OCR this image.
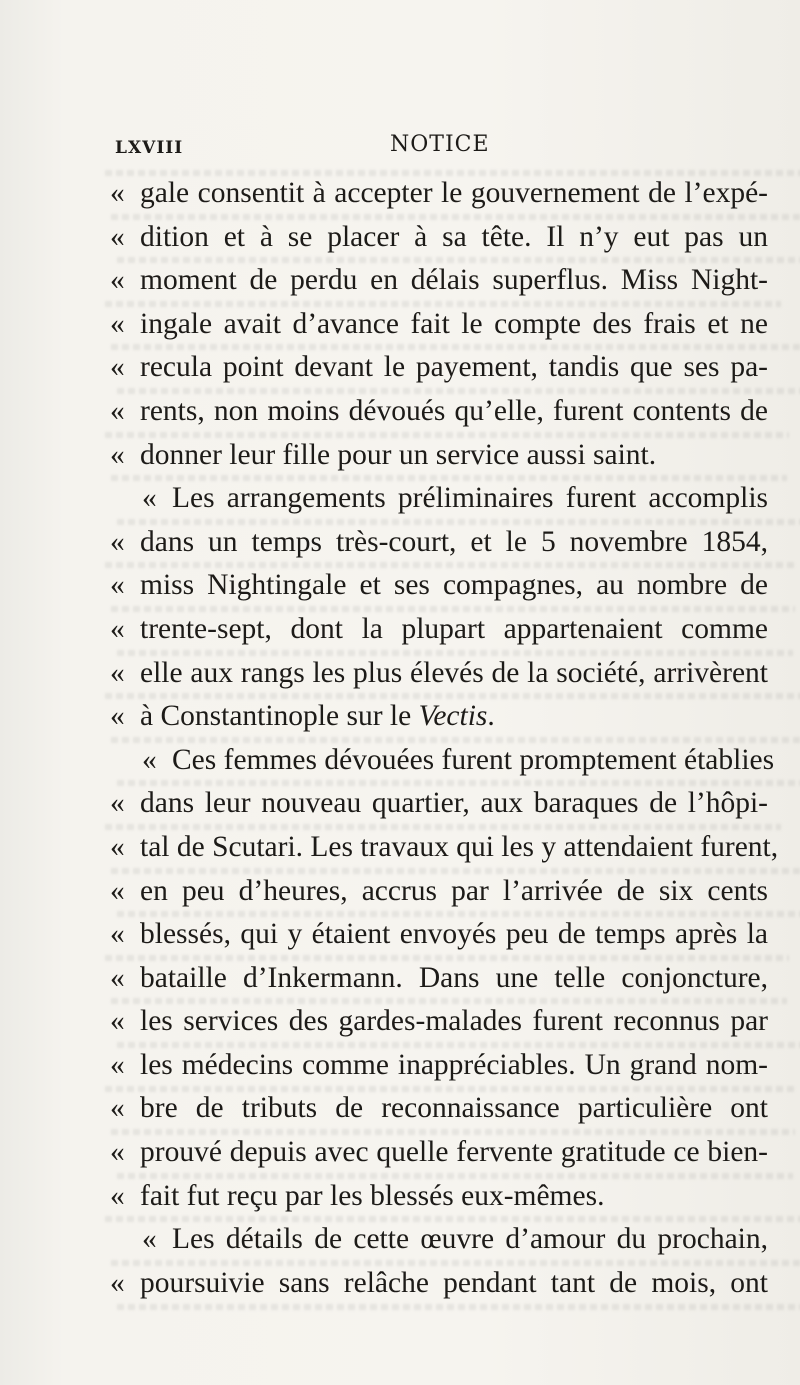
LXVIII	NOTICE
« gale consentit à accepter le gouvernement de l’expé-
« dition et à se placer à sa tête. Il n’y eut pas un
« moment de perdu en délais superflus. Miss Night-
« ingale avait d’avance fait le compte des frais et ne
« recula point devant le payement, tandis que ses pa-
« rents, non moins dévoués qu’elle, furent contents de
« donner leur fille pour un service aussi saint.
« Les arrangements préliminaires furent accomplis
« dans un temps très-court, et le 5 novembre 1854,
« miss Nightingale et ses compagnes, au nombre de
« trente-sept, dont la plupart appartenaient comme
« elle aux rangs les plus élevés de la société, arrivèrent
« à Constantinople sur le Vectis.
« Ces femmes dévouées furent promptement établies
« dans leur nouveau quartier, aux baraques de l’hôpi-
« tal de Scutari. Les travaux qui les y attendaient furent,
« en peu d’heures, accrus par l’arrivée de six cents
« blessés, qui y étaient envoyés peu de temps après la
« bataille d’Inkermann. Dans une telle conjoncture,
« les services des gardes-malades furent reconnus par
« les médecins comme inappréciables. Un grand nom-
« bre de tributs de reconnaissance particulière ont
« prouvé depuis avec quelle fervente gratitude ce bien-
« fait fut reçu par les blessés eux-mêmes.
« Les détails de cette œuvre d’amour du prochain,
« poursuivie sans relâche pendant tant de mois, ont
